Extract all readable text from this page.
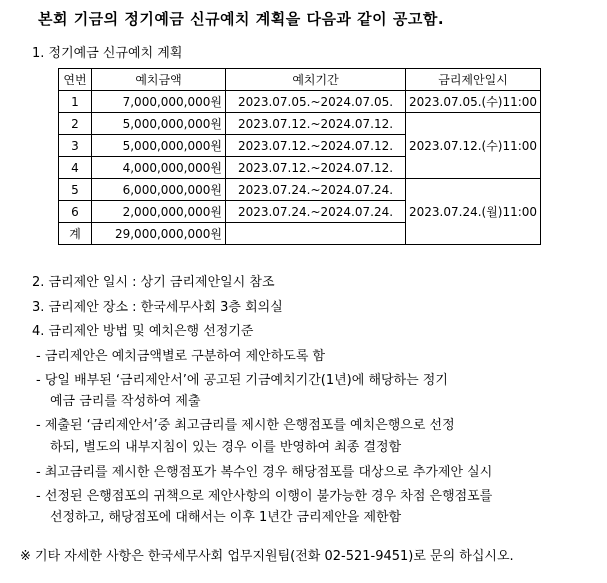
본회 기금의 정기예금 신규예치 계획을 다음과 같이 공고함.
1. 정기예금 신규예치 계획
연번	예치금액	예치기간	금리제안일시
1	7,000,000,000원	2023.07.05.~2024.07.05.	2023.07.05.(수)11:00
2	5,000,000,000원	2023.07.12.~2024.07.12.	2023.07.12.(수)11:00
3	5,000,000,000원	2023.07.12.~2024.07.12.	
4	4,000,000,000원	2023.07.12.~2024.07.12.	
5	6,000,000,000원	2023.07.24.~2024.07.24.	2023.07.24.(월)11:00
6	2,000,000,000원	2023.07.24.~2024.07.24.	
계	29,000,000,000원		
2. 금리제안 일시 : 상기 금리제안일시 참조
3. 금리제안 장소 : 한국세무사회 3층 회의실
4. 금리제안 방법 및 예치은행 선정기준
- 금리제안은 예치금액별로 구분하여 제안하도록 함
- 당일 배부된 ‘금리제안서’에 공고된 기금예치기간(1년)에 해당하는 정기
예금 금리를 작성하여 제출
- 제출된 ‘금리제안서’중 최고금리를 제시한 은행점포를 예치은행으로 선정
하되, 별도의 내부지침이 있는 경우 이를 반영하여 최종 결정함
- 최고금리를 제시한 은행점포가 복수인 경우 해당점포를 대상으로 추가제안 실시
- 선정된 은행점포의 귀책으로 제안사항의 이행이 불가능한 경우 차점 은행점포를
선정하고, 해당점포에 대해서는 이후 1년간 금리제안을 제한함
※ 기타 자세한 사항은 한국세무사회 업무지원팀(전화 02-521-9451)로 문의 하십시오.
